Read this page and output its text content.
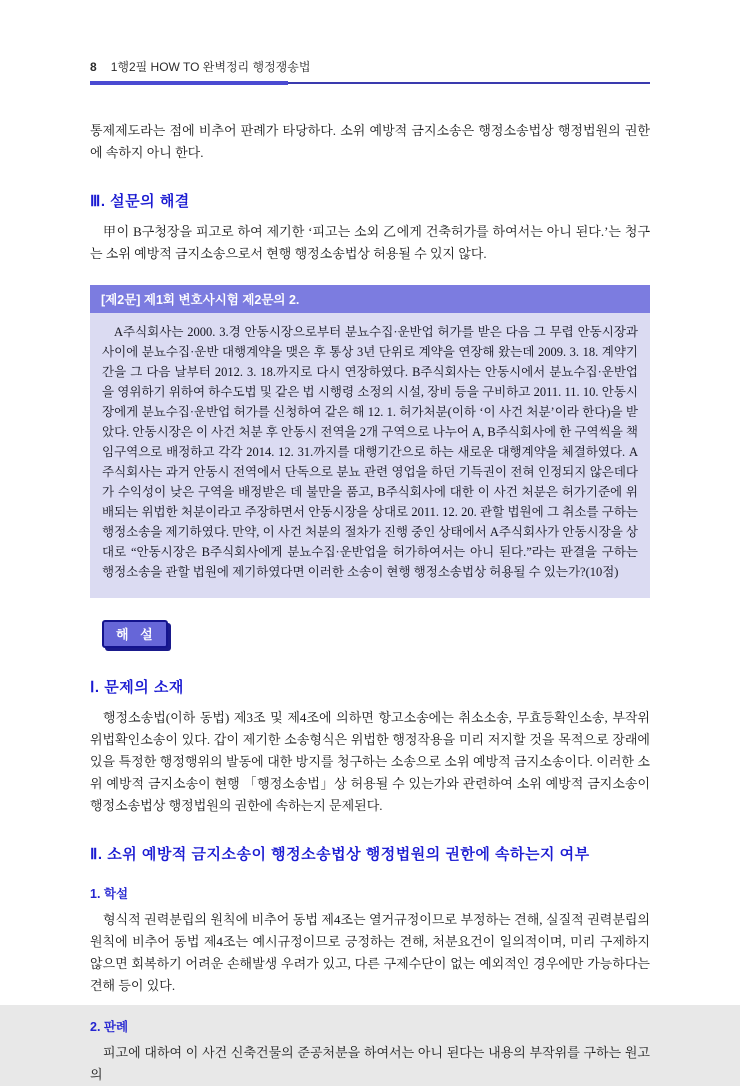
8 1행2필 HOW TO 완벽정리 행정쟁송법

통제제도라는 점에 비추어 판례가 타당하다. 소위 예방적 금지소송은 행정소송법상 행정법원의 권한에 속하지 아니 한다.

Ⅲ. 설문의 해결

甲이 B구청장을 피고로 하여 제기한 ‘피고는 소외 乙에게 건축허가를 하여서는 아니 된다.’는 청구는 소위 예방적 금지소송으로서 현행 행정소송법상 허용될 수 있지 않다.

[제2문] 제1회 변호사시험 제2문의 2.

A주식회사는 2000. 3.경 안동시장으로부터 분뇨수집·운반업 허가를 받은 다음 그 무렵 안동시장과 사이에 분뇨수집·운반 대행계약을 맺은 후 통상 3년 단위로 계약을 연장해 왔는데 2009. 3. 18. 계약기간을 그 다음 날부터 2012. 3. 18.까지로 다시 연장하였다. B주식회사는 안동시에서 분뇨수집·운반업을 영위하기 위하여 하수도법 및 같은 법 시행령 소정의 시설, 장비 등을 구비하고 2011. 11. 10. 안동시장에게 분뇨수집·운반업 허가를 신청하여 같은 해 12. 1. 허가처분(이하 ‘이 사건 처분’이라 한다)을 받았다. 안동시장은 이 사건 처분 후 안동시 전역을 2개 구역으로 나누어 A, B주식회사에 한 구역씩을 책임구역으로 배정하고 각각 2014. 12. 31.까지를 대행기간으로 하는 새로운 대행계약을 체결하였다. A주식회사는 과거 안동시 전역에서 단독으로 분뇨 관련 영업을 하던 기득권이 전혀 인정되지 않은데다가 수익성이 낮은 구역을 배정받은 데 불만을 품고, B주식회사에 대한 이 사건 처분은 허가기준에 위배되는 위법한 처분이라고 주장하면서 안동시장을 상대로 2011. 12. 20. 관할 법원에 그 취소를 구하는 행정소송을 제기하였다. 만약, 이 사건 처분의 절차가 진행 중인 상태에서 A주식회사가 안동시장을 상대로 “안동시장은 B주식회사에게 분뇨수집·운반업을 허가하여서는 아니 된다.”라는 판결을 구하는 행정소송을 관할 법원에 제기하였다면 이러한 소송이 현행 행정소송법상 허용될 수 있는가?(10점)

해 설
Ⅰ. 문제의 소재

행정소송법(이하 동법) 제3조 및 제4조에 의하면 항고소송에는 취소소송, 무효등확인소송, 부작위위법확인소송이 있다. 갑이 제기한 소송형식은 위법한 행정작용을 미리 저지할 것을 목적으로 장래에 있을 특정한 행정행위의 발동에 대한 방지를 청구하는 소송으로 소위 예방적 금지소송이다. 이러한 소위 예방적 금지소송이 현행 「행정소송법」상 허용될 수 있는가와 관련하여 소위 예방적 금지소송이 행정소송법상 행정법원의 권한에 속하는지 문제된다.

Ⅱ. 소위 예방적 금지소송이 행정소송법상 행정법원의 권한에 속하는지 여부
1. 학설

형식적 권력분립의 원칙에 비추어 동법 제4조는 열거규정이므로 부정하는 견해, 실질적 권력분립의 원칙에 비추어 동법 제4조는 예시규정이므로 긍정하는 견해, 처분요건이 일의적이며, 미리 구제하지 않으면 회복하기 어려운 손해발생 우려가 있고, 다른 구제수단이 없는 예외적인 경우에만 가능하다는 견해 등이 있다.

2. 판례

피고에 대하여 이 사건 신축건물의 준공처분을 하여서는 아니 된다는 내용의 부작위를 구하는 원고의
